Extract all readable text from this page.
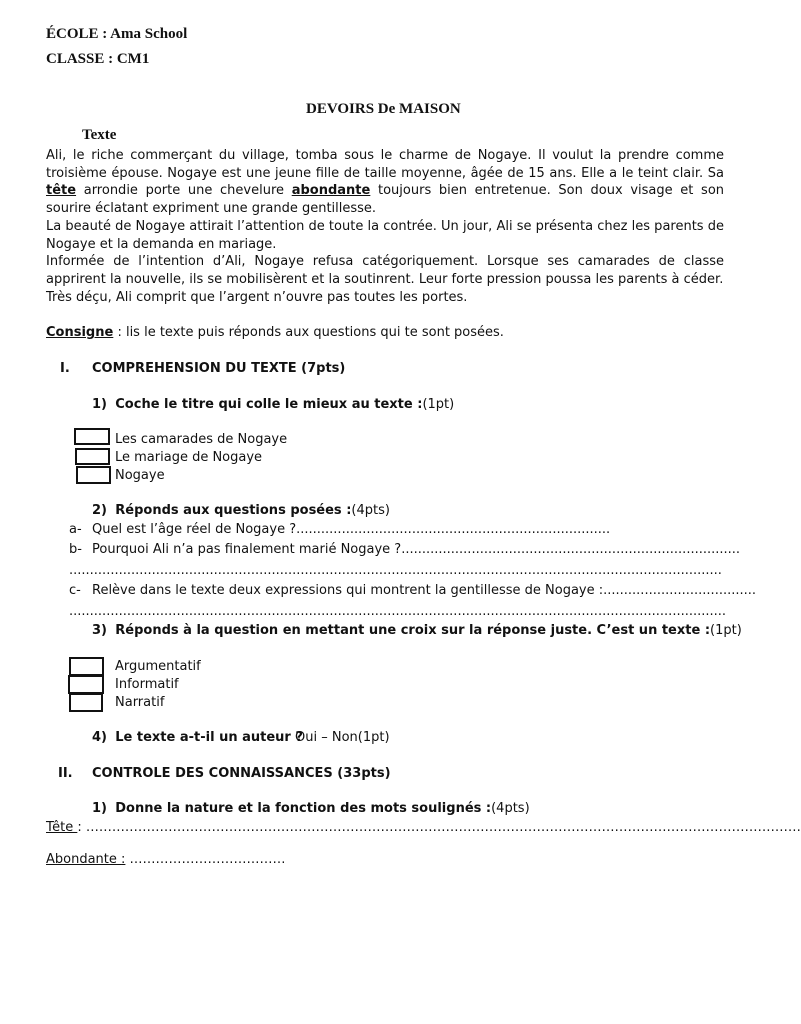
ÉCOLE : Ama School
CLASSE : CM1
DEVOIRS De MAISON
Texte

Ali, le riche commerçant du village, tomba sous le charme de Nogaye. Il voulut la prendre comme troisième épouse. Nogaye est une jeune fille de taille moyenne, âgée de 15 ans. Elle a le teint clair. Sa tête arrondie porte une chevelure abondante toujours bien entretenue. Son doux visage et son sourire éclatant expriment une grande gentillesse.

La beauté de Nogaye attirait l’attention de toute la contrée. Un jour, Ali se présenta chez les parents de Nogaye et la demanda en mariage.

Informée de l’intention d’Ali, Nogaye refusa catégoriquement. Lorsque ses camarades de classe apprirent la nouvelle, ils se mobilisèrent et la soutinrent. Leur forte pression poussa les parents à céder.

Très déçu, Ali comprit que l’argent n’ouvre pas toutes les portes.

Consigne : lis le texte puis réponds aux questions qui te sont posées.
I. COMPREHENSION DU TEXTE (7pts)
1) Coche le titre qui colle le mieux au texte :(1pt)
Les camarades de Nogaye
Le mariage de Nogaye
Nogaye
2) Réponds aux questions posées :(4pts)
a- Quel est l’âge réel de Nogaye ?............................................................................
b- Pourquoi Ali n’a pas finalement marié Nogaye ?..................................................................................
..............................................................................................................................................................
c- Relève dans le texte deux expressions qui montrent la gentillesse de Nogaye :.....................................
...............................................................................................................................................................
3) Réponds à la question en mettant une croix sur la réponse juste. C’est un texte :(1pt)
Argumentatif
Informatif
Narratif
4) Le texte a-t-il un auteur ?
Oui – Non(1pt)
II. CONTROLE DES CONNAISSANCES (33pts)
1) Donne la nature et la fonction des mots soulignés :(4pts)
Tête : …………………………………………………………………………………………………………………………………………………
Abondante : ………………………………
